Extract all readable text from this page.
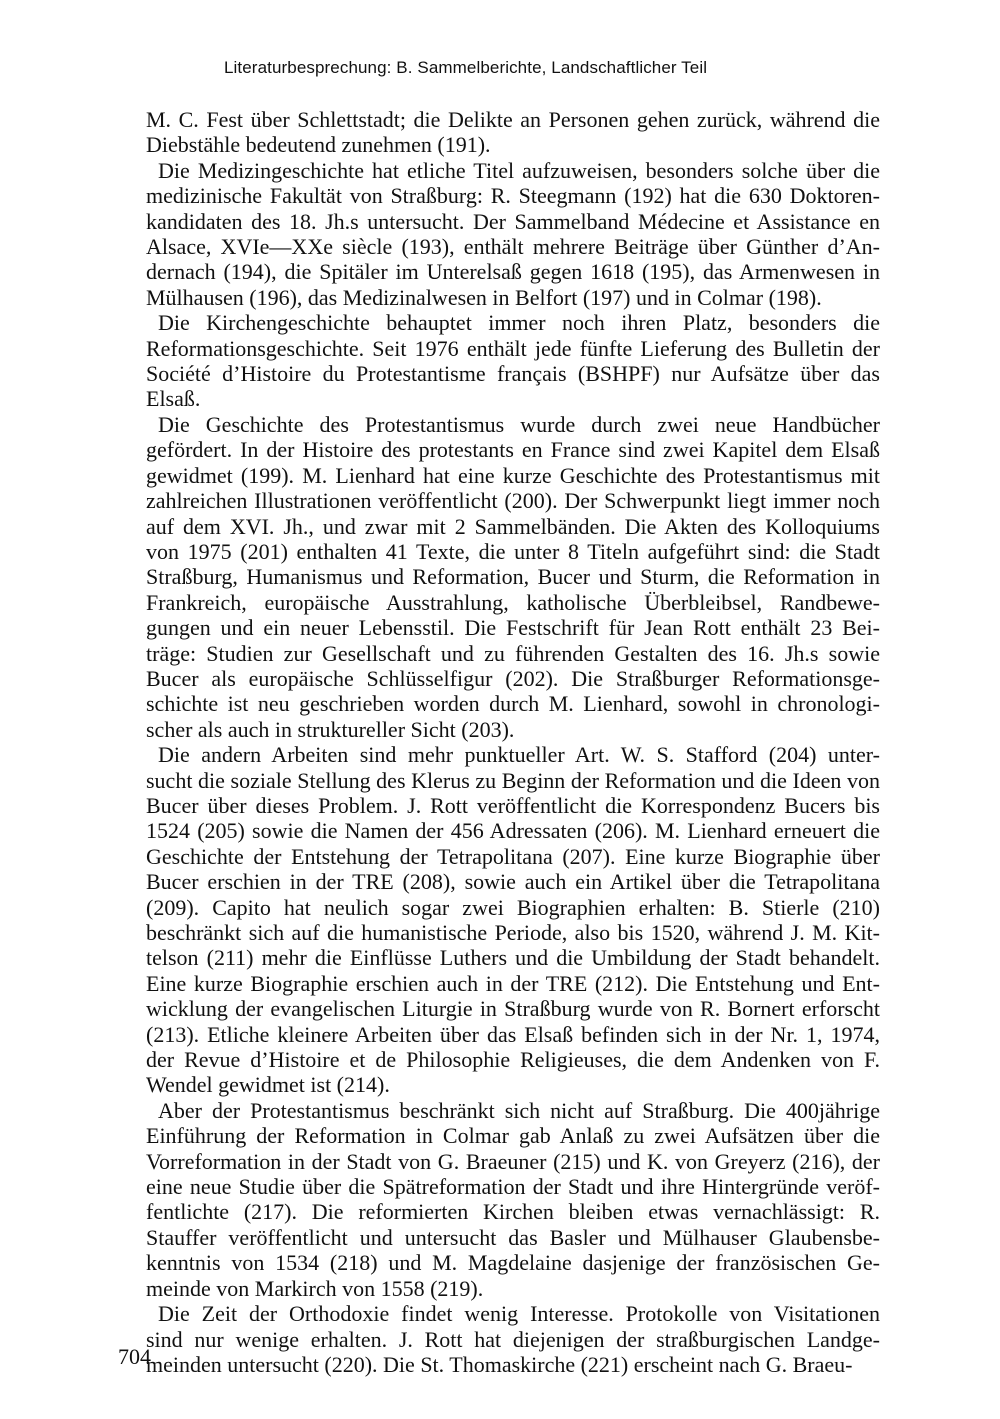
Literaturbesprechung: B. Sammelberichte, Landschaftlicher Teil

M. C. Fest über Schlettstadt; die Delikte an Personen gehen zurück, während die
Diebstähle bedeutend zunehmen (191).

Die Medizingeschichte hat etliche Titel aufzuweisen, besonders solche über die
medizinische Fakultät von Straßburg: R. Steegmann (192) hat die 630 Doktoren-
kandidaten des 18. Jh.s untersucht. Der Sammelband Médecine et Assistance en
Alsace, XVIe—XXe siècle (193), enthält mehrere Beiträge über Günther d’An-
dernach (194), die Spitäler im Unterelsaß gegen 1618 (195), das Armenwesen in
Mülhausen (196), das Medizinalwesen in Belfort (197) und in Colmar (198).

Die Kirchengeschichte behauptet immer noch ihren Platz, besonders die
Reformationsgeschichte. Seit 1976 enthält jede fünfte Lieferung des Bulletin der
Société d’Histoire du Protestantisme français (BSHPF) nur Aufsätze über das
Elsaß.

Die Geschichte des Protestantismus wurde durch zwei neue Handbücher
gefördert. In der Histoire des protestants en France sind zwei Kapitel dem Elsaß
gewidmet (199). M. Lienhard hat eine kurze Geschichte des Protestantismus mit
zahlreichen Illustrationen veröffentlicht (200). Der Schwerpunkt liegt immer noch
auf dem XVI. Jh., und zwar mit 2 Sammelbänden. Die Akten des Kolloquiums
von 1975 (201) enthalten 41 Texte, die unter 8 Titeln aufgeführt sind: die Stadt
Straßburg, Humanismus und Reformation, Bucer und Sturm, die Reformation in
Frankreich, europäische Ausstrahlung, katholische Überbleibsel, Randbewe-
gungen und ein neuer Lebensstil. Die Festschrift für Jean Rott enthält 23 Bei-
träge: Studien zur Gesellschaft und zu führenden Gestalten des 16. Jh.s sowie
Bucer als europäische Schlüsselfigur (202). Die Straßburger Reformationsge-
schichte ist neu geschrieben worden durch M. Lienhard, sowohl in chronologi-
scher als auch in struktureller Sicht (203).

Die andern Arbeiten sind mehr punktueller Art. W. S. Stafford (204) unter-
sucht die soziale Stellung des Klerus zu Beginn der Reformation und die Ideen von
Bucer über dieses Problem. J. Rott veröffentlicht die Korrespondenz Bucers bis
1524 (205) sowie die Namen der 456 Adressaten (206). M. Lienhard erneuert die
Geschichte der Entstehung der Tetrapolitana (207). Eine kurze Biographie über
Bucer erschien in der TRE (208), sowie auch ein Artikel über die Tetrapolitana
(209). Capito hat neulich sogar zwei Biographien erhalten: B. Stierle (210)
beschränkt sich auf die humanistische Periode, also bis 1520, während J. M. Kit-
telson (211) mehr die Einflüsse Luthers und die Umbildung der Stadt behandelt.
Eine kurze Biographie erschien auch in der TRE (212). Die Entstehung und Ent-
wicklung der evangelischen Liturgie in Straßburg wurde von R. Bornert erforscht
(213). Etliche kleinere Arbeiten über das Elsaß befinden sich in der Nr. 1, 1974,
der Revue d’Histoire et de Philosophie Religieuses, die dem Andenken von F.
Wendel gewidmet ist (214).

Aber der Protestantismus beschränkt sich nicht auf Straßburg. Die 400jährige
Einführung der Reformation in Colmar gab Anlaß zu zwei Aufsätzen über die
Vorreformation in der Stadt von G. Braeuner (215) und K. von Greyerz (216), der
eine neue Studie über die Spätreformation der Stadt und ihre Hintergründe veröf-
fentlichte (217). Die reformierten Kirchen bleiben etwas vernachlässigt: R.
Stauffer veröffentlicht und untersucht das Basler und Mülhauser Glaubensbe-
kenntnis von 1534 (218) und M. Magdelaine dasjenige der französischen Ge-
meinde von Markirch von 1558 (219).

Die Zeit der Orthodoxie findet wenig Interesse. Protokolle von Visitationen
sind nur wenige erhalten. J. Rott hat diejenigen der straßburgischen Landge-
meinden untersucht (220). Die St. Thomaskirche (221) erscheint nach G. Braeu-

704
